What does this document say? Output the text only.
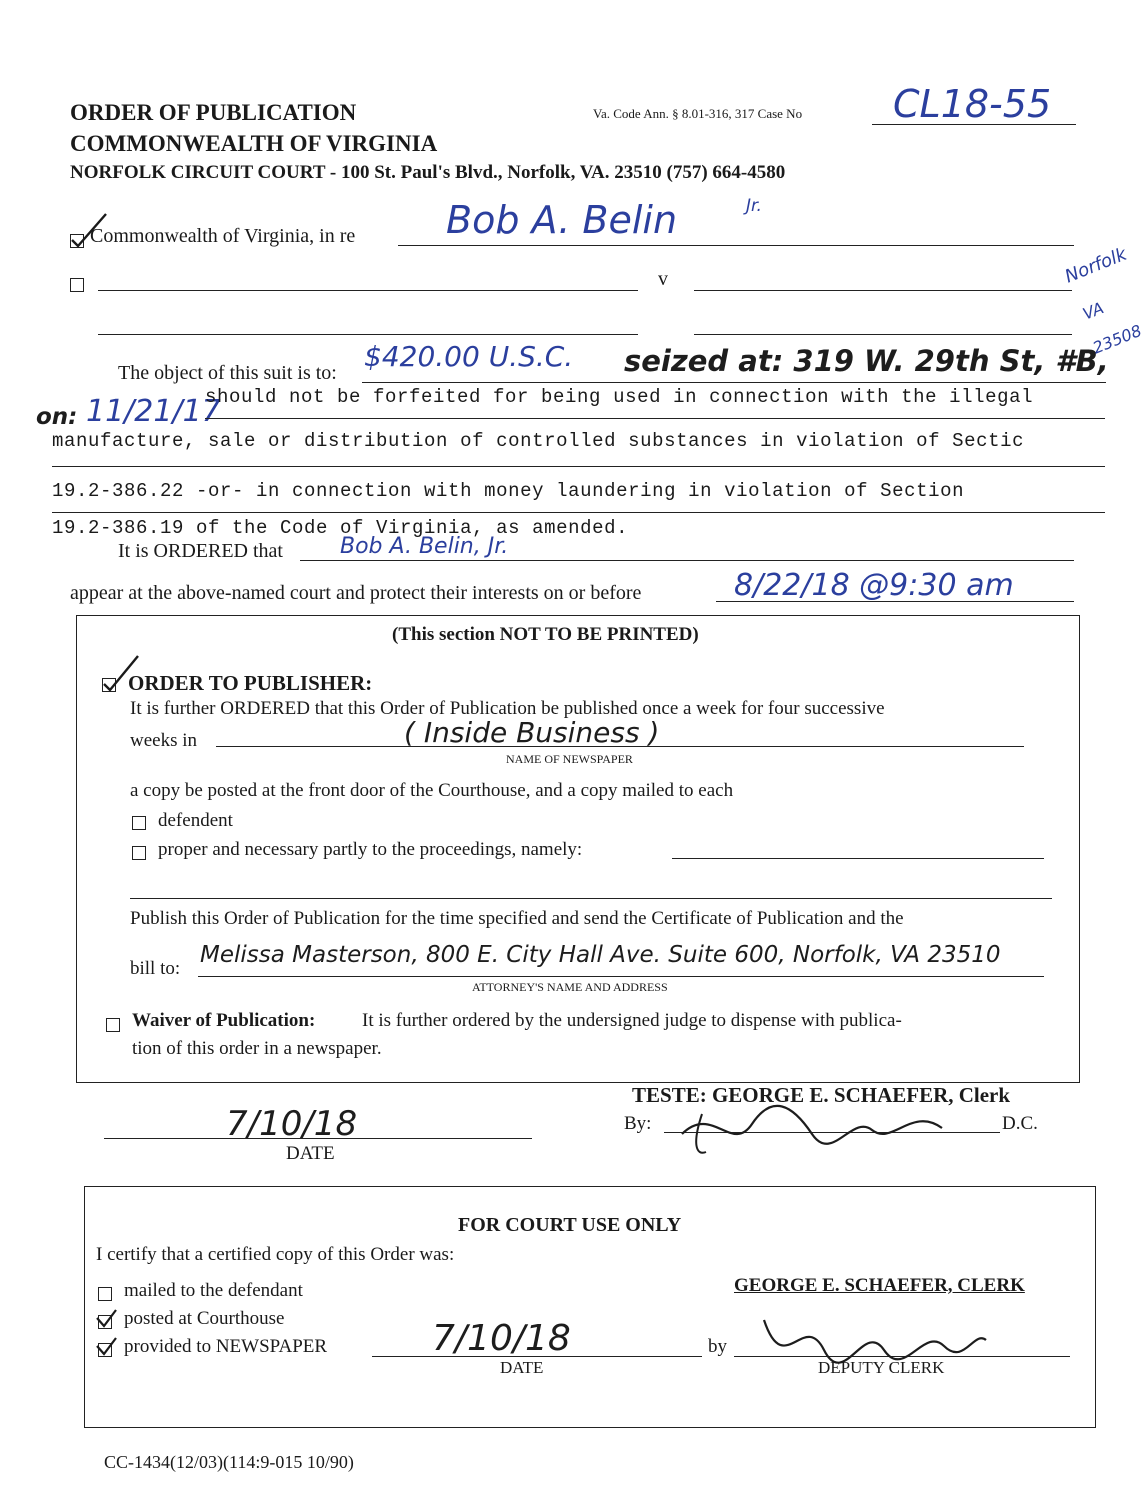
ORDER OF PUBLICATION
COMMONWEALTH OF VIRGINIA
NORFOLK CIRCUIT COURT - 100 St. Paul's Blvd., Norfolk, VA. 23510 (757) 664-4580
Va. Code Ann. § 8.01-316, 317 Case No CL18-55
Commonwealth of Virginia, in re Bob A. Belin	Jr.
v
The object of this suit is to: $420.00 U.S.C. seized at: 319 W. 29th St, #B,
Norfolk
VA
23508
on: 11/21/17
should not be forfeited for being used in connection with the illegal
manufacture, sale or distribution of controlled substances in violation of Sectic
19.2-386.22 -or- in connection with money laundering in violation of Section
19.2-386.19 of the Code of Virginia, as amended.
It is ORDERED that	Bob A. Belin, Jr.
appear at the above-named court and protect their interests on or before	8/22/18 @9:30 am
(This section NOT TO BE PRINTED)
ORDER TO PUBLISHER:
It is further ORDERED that this Order of Publication be published once a week for four successive
weeks in	( Inside Business )
NAME OF NEWSPAPER
a copy be posted at the front door of the Courthouse, and a copy mailed to each
defendent
proper and necessary partly to the proceedings, namely:
Publish this Order of Publication for the time specified and send the Certificate of Publication and the
bill to:
Melissa Masterson, 800 E. City Hall Ave. Suite 600, Norfolk, VA 23510
ATTORNEY'S NAME AND ADDRESS
Waiver of Publication: It is further ordered by the undersigned judge to dispense with publica-
tion of this order in a newspaper.
TESTE: GEORGE E. SCHAEFER, Clerk
By:	D.C.
7/10/18
DATE
FOR COURT USE ONLY
I certify that a certified copy of this Order was:
mailed to the defendant
posted at Courthouse
provided to NEWSPAPER
GEORGE E. SCHAEFER, CLERK
7/10/18
DATE
by
DEPUTY CLERK
CC-1434(12/03)(114:9-015 10/90)
